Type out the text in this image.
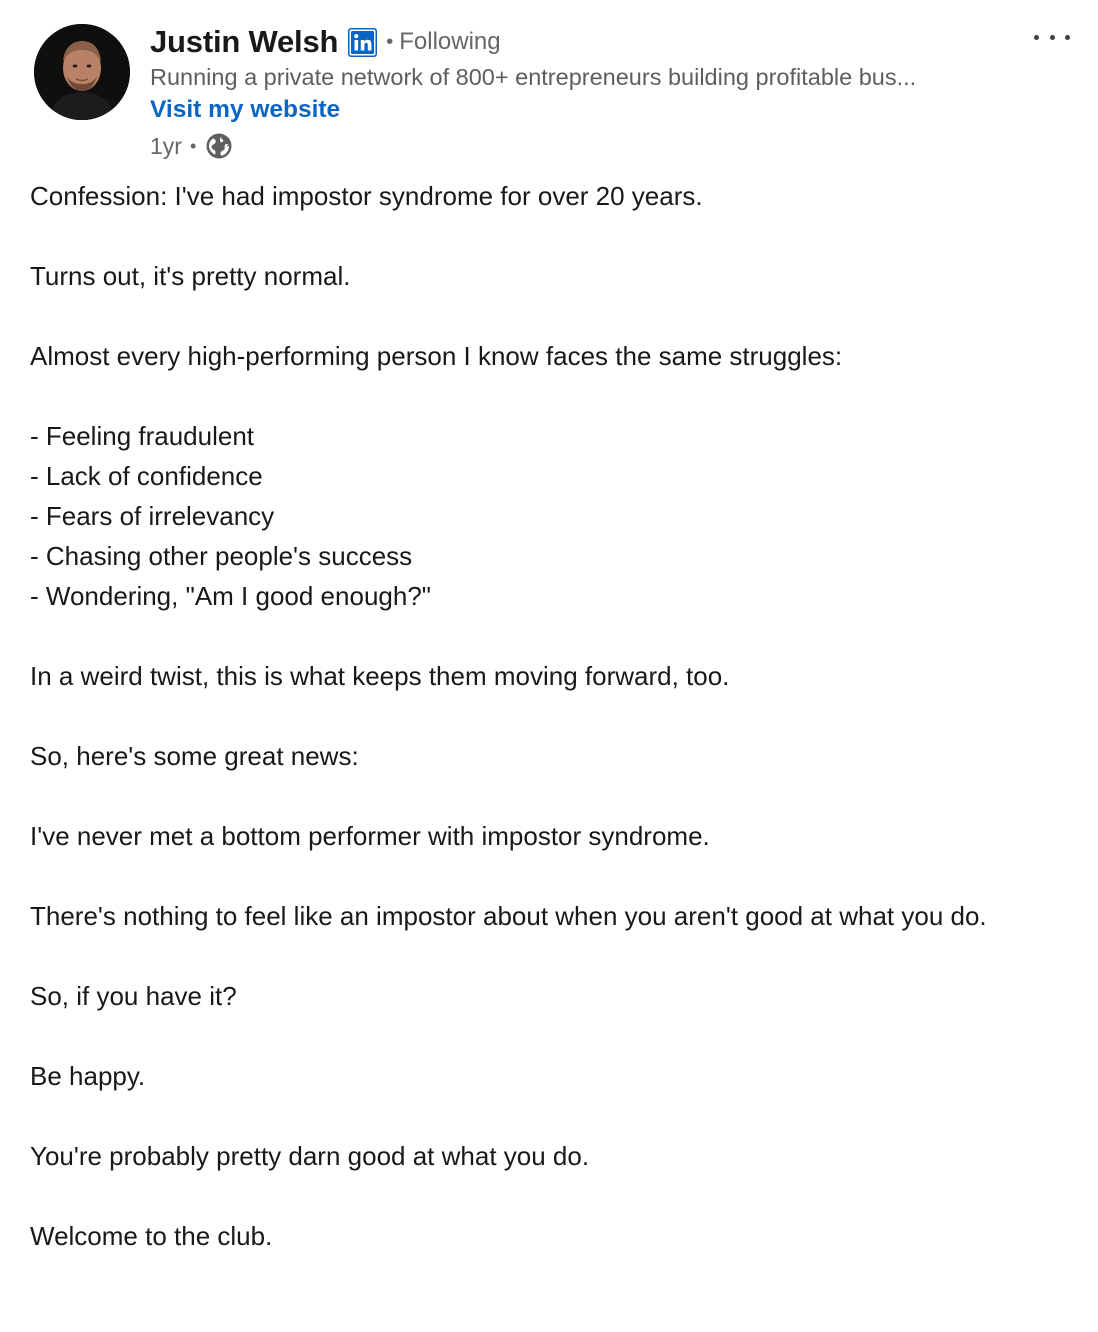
Justin Welsh • Following
Running a private network of 800+ entrepreneurs building profitable bus...
Visit my website
1yr •
Confession: I've had impostor syndrome for over 20 years.
Turns out, it's pretty normal.
Almost every high-performing person I know faces the same struggles:
- Feeling fraudulent
- Lack of confidence
- Fears of irrelevancy
- Chasing other people's success
- Wondering, "Am I good enough?"
In a weird twist, this is what keeps them moving forward, too.
So, here's some great news:
I've never met a bottom performer with impostor syndrome.
There's nothing to feel like an impostor about when you aren't good at what you do.
So, if you have it?
Be happy.
You're probably pretty darn good at what you do.
Welcome to the club.
